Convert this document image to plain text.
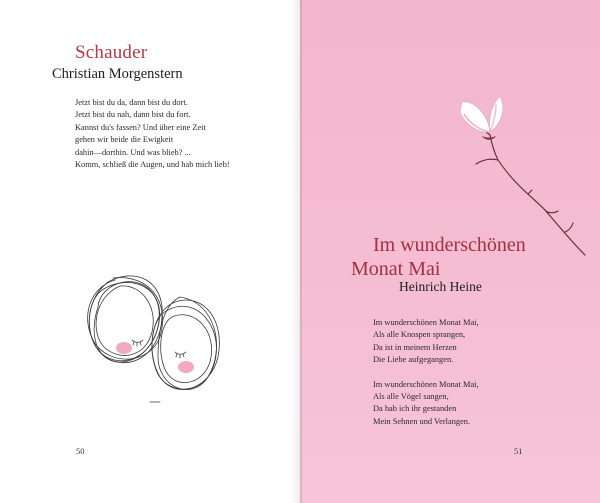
Schauder
Christian Morgenstern
Jetzt bist du da, dann bist du dort.
Jetzt bist du nah, dann bist du fort.
Kannst du's fassen? Und über eine Zeit
gehen wir beide die Ewigkeit
dahin—dorthin. Und was blieb? ...
Komm, schließ die Augen, und hab mich lieb!
50
Im wunderschönen
Monat Mai
Heinrich Heine
Im wunderschönen Monat Mai,
Als alle Knospen sprangen,
Da ist in meinem Herzen
Die Liebe aufgegangen.
Im wunderschönen Monat Mai,
Als alle Vögel sangen,
Da hab ich ihr gestanden
Mein Sehnen und Verlangen.
51
